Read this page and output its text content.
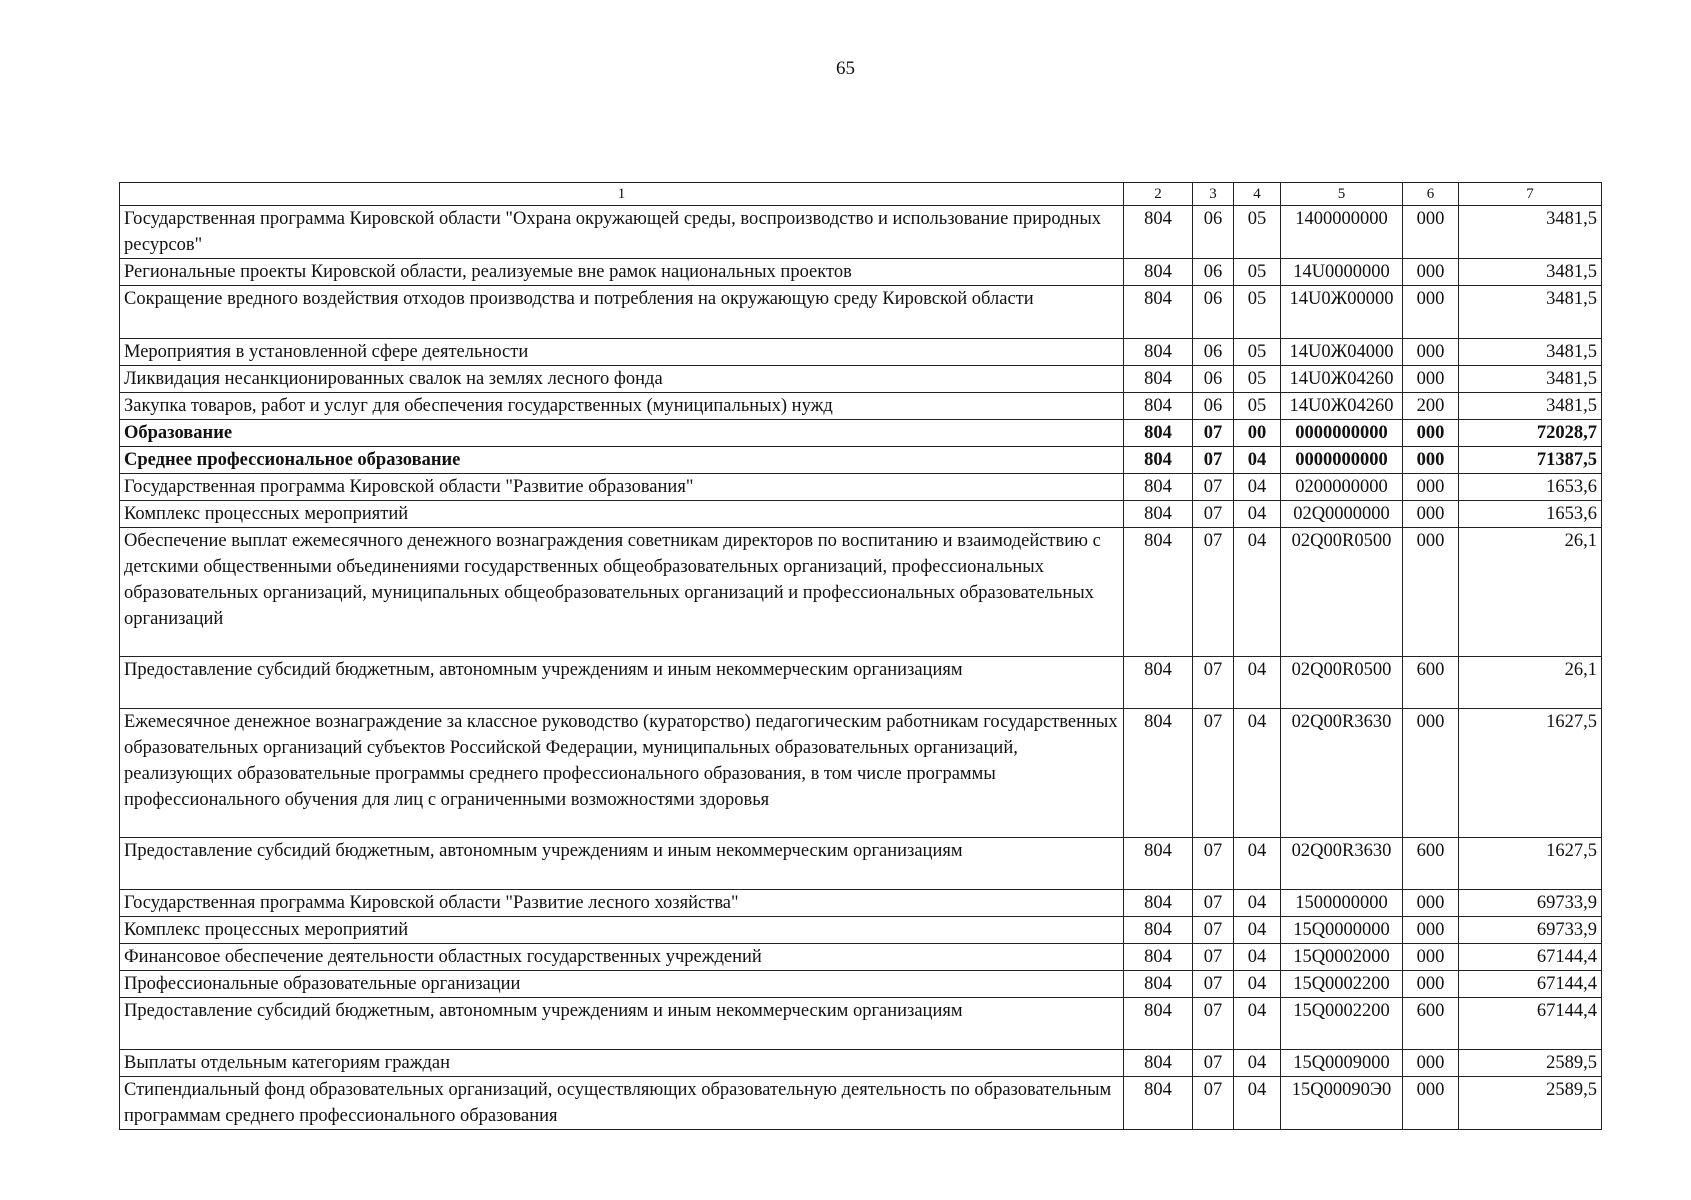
65
1	2	3	4	5	6	7
Государственная программа Кировской области "Охрана окружающей среды, воспроизводство и использование природных ресурсов"	804	06	05	1400000000	000	3481,5
Региональные проекты Кировской области, реализуемые вне рамок национальных проектов	804	06	05	14U0000000	000	3481,5
Сокращение вредного воздействия отходов производства и потребления на окружающую среду Кировской области	804	06	05	14U0Ж00000	000	3481,5
Мероприятия в установленной сфере деятельности	804	06	05	14U0Ж04000	000	3481,5
Ликвидация несанкционированных свалок на землях лесного фонда	804	06	05	14U0Ж04260	000	3481,5
Закупка товаров, работ и услуг для обеспечения государственных (муниципальных) нужд	804	06	05	14U0Ж04260	200	3481,5
Образование	804	07	00	0000000000	000	72028,7
Среднее профессиональное образование	804	07	04	0000000000	000	71387,5
Государственная программа Кировской области "Развитие образования"	804	07	04	0200000000	000	1653,6
Комплекс процессных мероприятий	804	07	04	02Q0000000	000	1653,6
Обеспечение выплат ежемесячного денежного вознаграждения советникам директоров по воспитанию и взаимодействию с детскими общественными объединениями государственных общеобразовательных организаций, профессиональных образовательных организаций, муниципальных общеобразовательных организаций и профессиональных образовательных организаций	804	07	04	02Q00R0500	000	26,1
Предоставление субсидий бюджетным, автономным учреждениям и иным некоммерческим организациям	804	07	04	02Q00R0500	600	26,1
Ежемесячное денежное вознаграждение за классное руководство (кураторство) педагогическим работникам государственных образовательных организаций субъектов Российской Федерации, муниципальных образовательных организаций, реализующих образовательные программы среднего профессионального образования, в том числе программы профессионального обучения для лиц с ограниченными возможностями здоровья	804	07	04	02Q00R3630	000	1627,5
Предоставление субсидий бюджетным, автономным учреждениям и иным некоммерческим организациям	804	07	04	02Q00R3630	600	1627,5
Государственная программа Кировской области "Развитие лесного хозяйства"	804	07	04	1500000000	000	69733,9
Комплекс процессных мероприятий	804	07	04	15Q0000000	000	69733,9
Финансовое обеспечение деятельности областных государственных учреждений	804	07	04	15Q0002000	000	67144,4
Профессиональные образовательные организации	804	07	04	15Q0002200	000	67144,4
Предоставление субсидий бюджетным, автономным учреждениям и иным некоммерческим организациям	804	07	04	15Q0002200	600	67144,4
Выплаты отдельным категориям граждан	804	07	04	15Q0009000	000	2589,5
Стипендиальный фонд образовательных организаций, осуществляющих образовательную деятельность по образовательным программам среднего профессионального образования	804	07	04	15Q00090Э0	000	2589,5
